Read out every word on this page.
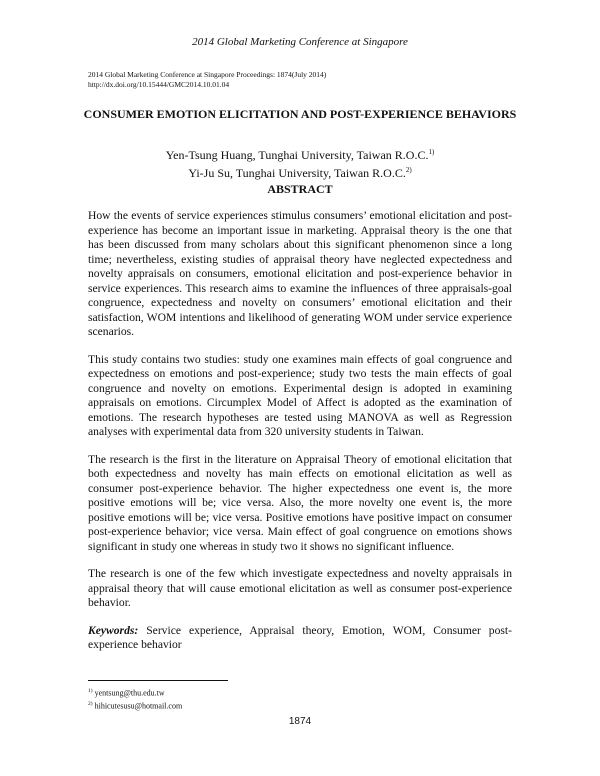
2014 Global Marketing Conference at Singapore
2014 Global Marketing Conference at Singapore Proceedings: 1874(July 2014)
http://dx.doi.org/10.15444/GMC2014.10.01.04
CONSUMER EMOTION ELICITATION AND POST-EXPERIENCE BEHAVIORS
Yen-Tsung Huang, Tunghai University, Taiwan R.O.C.$^{1)}$
Yi-Ju Su, Tunghai University, Taiwan R.O.C.$^{2)}$
ABSTRACT

How the events of service experiences stimulus consumers’ emotional elicitation and post-experience has become an important issue in marketing. Appraisal theory is the one that has been discussed from many scholars about this significant phenomenon since a long time; nevertheless, existing studies of appraisal theory have neglected expectedness and novelty appraisals on consumers, emotional elicitation and post-experience behavior in service experiences. This research aims to examine the influences of three appraisals-goal congruence, expectedness and novelty on consumers’ emotional elicitation and their satisfaction, WOM intentions and likelihood of generating WOM under service experience scenarios.

This study contains two studies: study one examines main effects of goal congruence and expectedness on emotions and post-experience; study two tests the main effects of goal congruence and novelty on emotions. Experimental design is adopted in examining appraisals on emotions. Circumplex Model of Affect is adopted as the examination of emotions. The research hypotheses are tested using MANOVA as well as Regression analyses with experimental data from 320 university students in Taiwan.

The research is the first in the literature on Appraisal Theory of emotional elicitation that both expectedness and novelty has main effects on emotional elicitation as well as consumer post-experience behavior. The higher expectedness one event is, the more positive emotions will be; vice versa. Also, the more novelty one event is, the more positive emotions will be; vice versa. Positive emotions have positive impact on consumer post-experience behavior; vice versa. Main effect of goal congruence on emotions shows significant in study one whereas in study two it shows no significant influence.

The research is one of the few which investigate expectedness and novelty appraisals in appraisal theory that will cause emotional elicitation as well as consumer post-experience behavior.

Keywords: Service experience, Appraisal theory, Emotion, WOM, Consumer post-experience behavior

$^{1)}$ yentsung@thu.edu.tw
$^{2)}$ hihicutesusu@hotmail.com
1874
